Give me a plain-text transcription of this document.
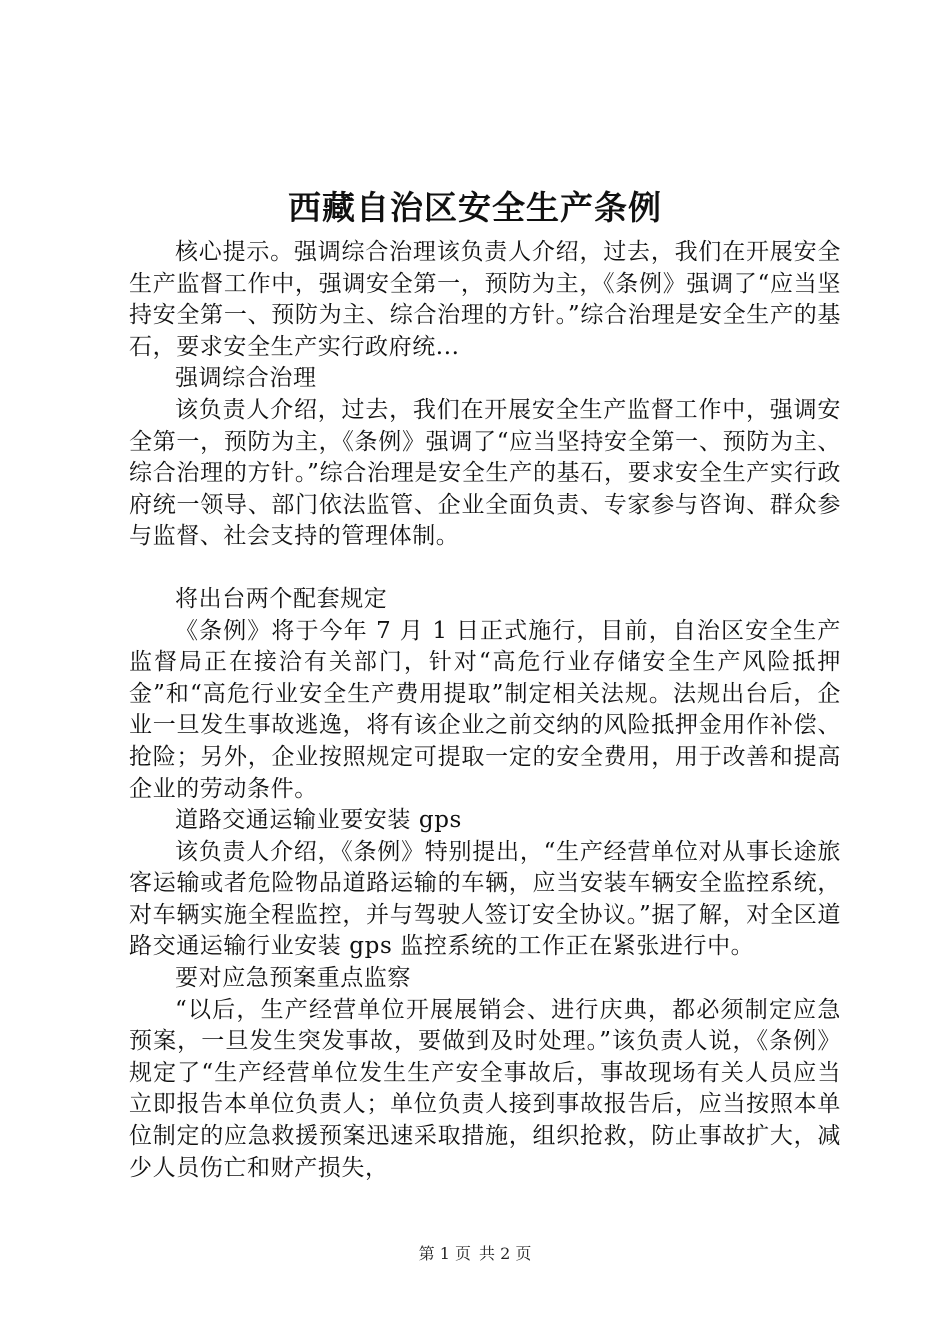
西藏自治区安全生产条例

核心提示。强调综合治理该负责人介绍，过去，我们在开展安全生产监督工作中，强调安全第一，预防为主，《条例》强调了“应当坚持安全第一、预防为主、综合治理的方针。”综合治理是安全生产的基石，要求安全生产实行政府统...

强调综合治理

该负责人介绍，过去，我们在开展安全生产监督工作中，强调安全第一，预防为主，《条例》强调了“应当坚持安全第一、预防为主、综合治理的方针。”综合治理是安全生产的基石，要求安全生产实行政府统一领导、部门依法监管、企业全面负责、专家参与咨询、群众参与监督、社会支持的管理体制。

将出台两个配套规定

《条例》将于今年 7 月 1 日正式施行，目前，自治区安全生产监督局正在接洽有关部门，针对“高危行业存储安全生产风险抵押金”和“高危行业安全生产费用提取”制定相关法规。法规出台后，企业一旦发生事故逃逸，将有该企业之前交纳的风险抵押金用作补偿、抢险；另外，企业按照规定可提取一定的安全费用，用于改善和提高企业的劳动条件。

道路交通运输业要安装 gps

该负责人介绍，《条例》特别提出，“生产经营单位对从事长途旅客运输或者危险物品道路运输的车辆，应当安装车辆安全监控系统，对车辆实施全程监控，并与驾驶人签订安全协议。”据了解，对全区道路交通运输行业安装 gps 监控系统的工作正在紧张进行中。

要对应急预案重点监察

“以后，生产经营单位开展展销会、进行庆典，都必须制定应急预案，一旦发生突发事故，要做到及时处理。”该负责人说，《条例》规定了“生产经营单位发生生产安全事故后，事故现场有关人员应当立即报告本单位负责人；单位负责人接到事故报告后，应当按照本单位制定的应急救援预案迅速采取措施，组织抢救，防止事故扩大，减少人员伤亡和财产损失，

第 1 页 共 2 页
